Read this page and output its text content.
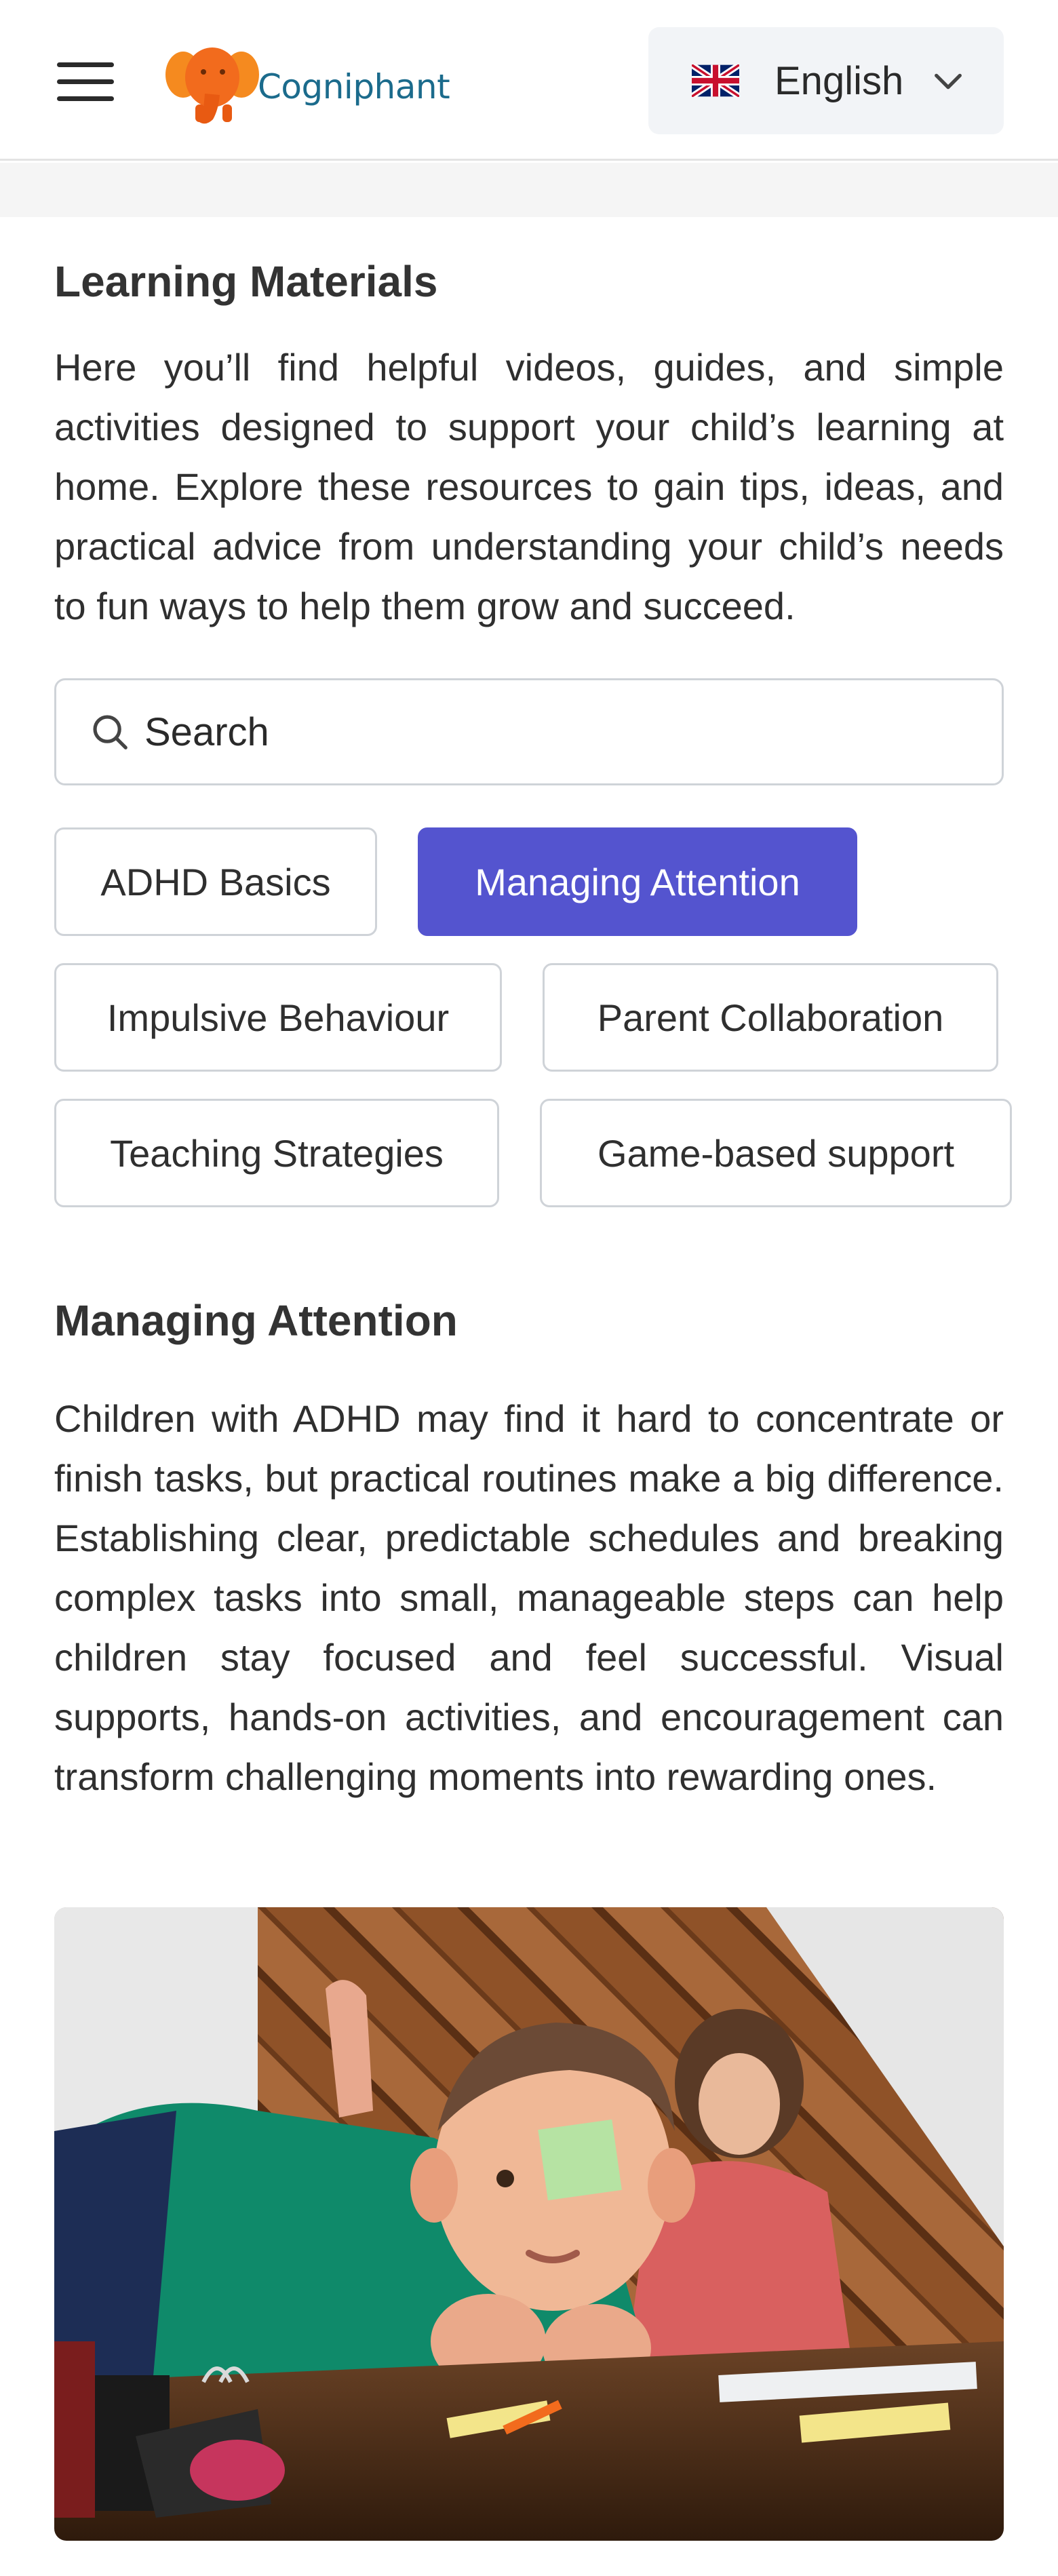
Cogniphant	English
Learning Materials

Here you’ll find helpful videos, guides, and simple activities designed to support your child’s learning at home. Explore these resources to gain tips, ideas, and practical advice from understanding your child’s needs to fun ways to help them grow and succeed.

Search
ADHD Basics	Managing Attention
Impulsive Behaviour	Parent Collaboration
Teaching Strategies	Game-based support
Managing Attention

Children with ADHD may find it hard to concentrate or finish tasks, but practical routines make a big difference. Establishing clear, predictable schedules and breaking complex tasks into small, manageable steps can help children stay focused and feel successful. Visual supports, hands-on activities, and encouragement can transform challenging moments into rewarding ones.
